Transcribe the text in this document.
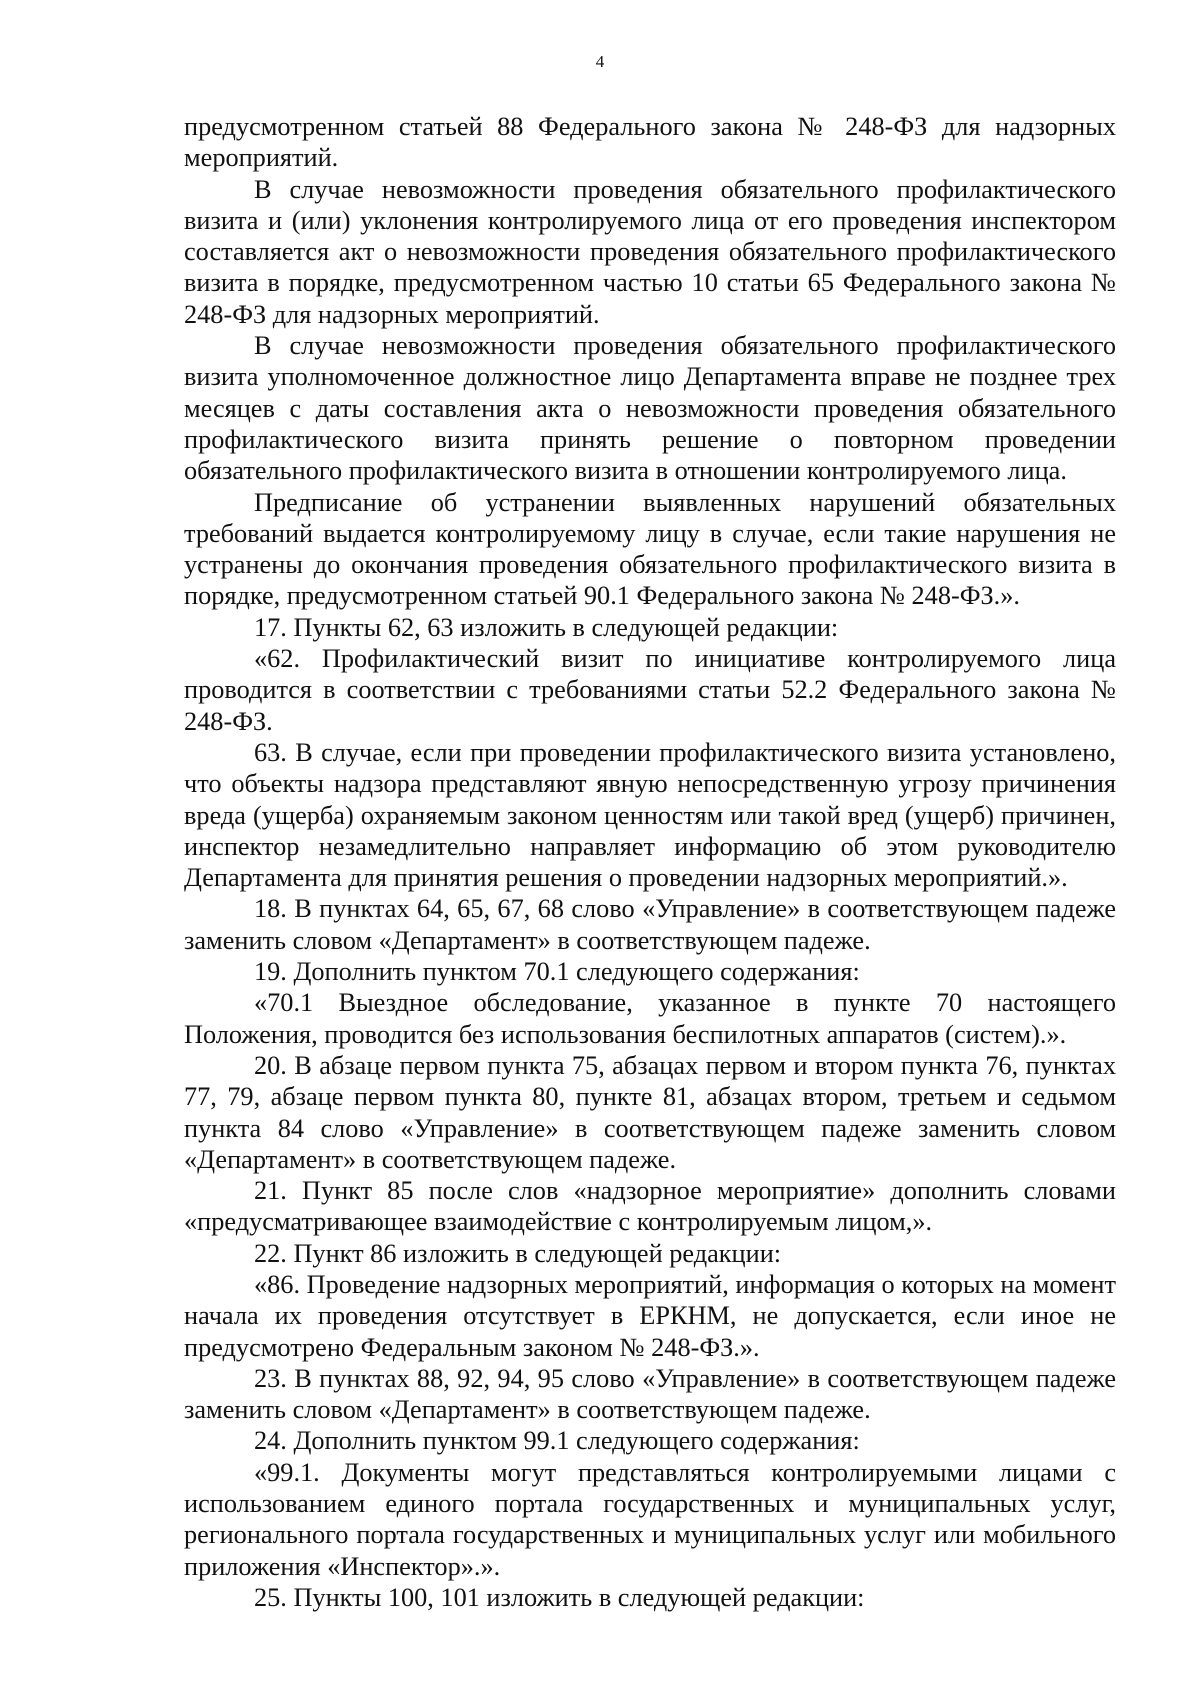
4

предусмотренном статьей 88 Федерального закона № 248-ФЗ для надзорных мероприятий.

В случае невозможности проведения обязательного профилактического визита и (или) уклонения контролируемого лица от его проведения инспектором составляется акт о невозможности проведения обязательного профилактического визита в порядке, предусмотренном частью 10 статьи 65 Федерального закона № 248-ФЗ для надзорных мероприятий.

В случае невозможности проведения обязательного профилактического визита уполномоченное должностное лицо Департамента вправе не позднее трех месяцев с даты составления акта о невозможности проведения обязательного профилактического визита принять решение о повторном проведении обязательного профилактического визита в отношении контролируемого лица.

Предписание об устранении выявленных нарушений обязательных требований выдается контролируемому лицу в случае, если такие нарушения не устранены до окончания проведения обязательного профилактического визита в порядке, предусмотренном статьей 90.1 Федерального закона № 248-ФЗ.».

17. Пункты 62, 63 изложить в следующей редакции:

«62. Профилактический визит по инициативе контролируемого лица проводится в соответствии с требованиями статьи 52.2 Федерального закона № 248-ФЗ.

63. В случае, если при проведении профилактического визита установлено, что объекты надзора представляют явную непосредственную угрозу причинения вреда (ущерба) охраняемым законом ценностям или такой вред (ущерб) причинен, инспектор незамедлительно направляет информацию об этом руководителю Департамента для принятия решения о проведении надзорных мероприятий.».

18. В пунктах 64, 65, 67, 68 слово «Управление» в соответствующем падеже заменить словом «Департамент» в соответствующем падеже.

19. Дополнить пунктом 70.1 следующего содержания:

«70.1 Выездное обследование, указанное в пункте 70 настоящего Положения, проводится без использования беспилотных аппаратов (систем).».

20. В абзаце первом пункта 75, абзацах первом и втором пункта 76, пунктах 77, 79, абзаце первом пункта 80, пункте 81, абзацах втором, третьем и седьмом пункта 84 слово «Управление» в соответствующем падеже заменить словом «Департамент» в соответствующем падеже.

21. Пункт 85 после слов «надзорное мероприятие» дополнить словами «предусматривающее взаимодействие с контролируемым лицом,».

22. Пункт 86 изложить в следующей редакции:

«86. Проведение надзорных мероприятий, информация о которых на момент начала их проведения отсутствует в ЕРКНМ, не допускается, если иное не предусмотрено Федеральным законом № 248-ФЗ.».

23. В пунктах 88, 92, 94, 95 слово «Управление» в соответствующем падеже заменить словом «Департамент» в соответствующем падеже.

24. Дополнить пунктом 99.1 следующего содержания:

«99.1. Документы могут представляться контролируемыми лицами с использованием единого портала государственных и муниципальных услуг, регионального портала государственных и муниципальных услуг или мобильного приложения «Инспектор».».

25. Пункты 100, 101 изложить в следующей редакции:
